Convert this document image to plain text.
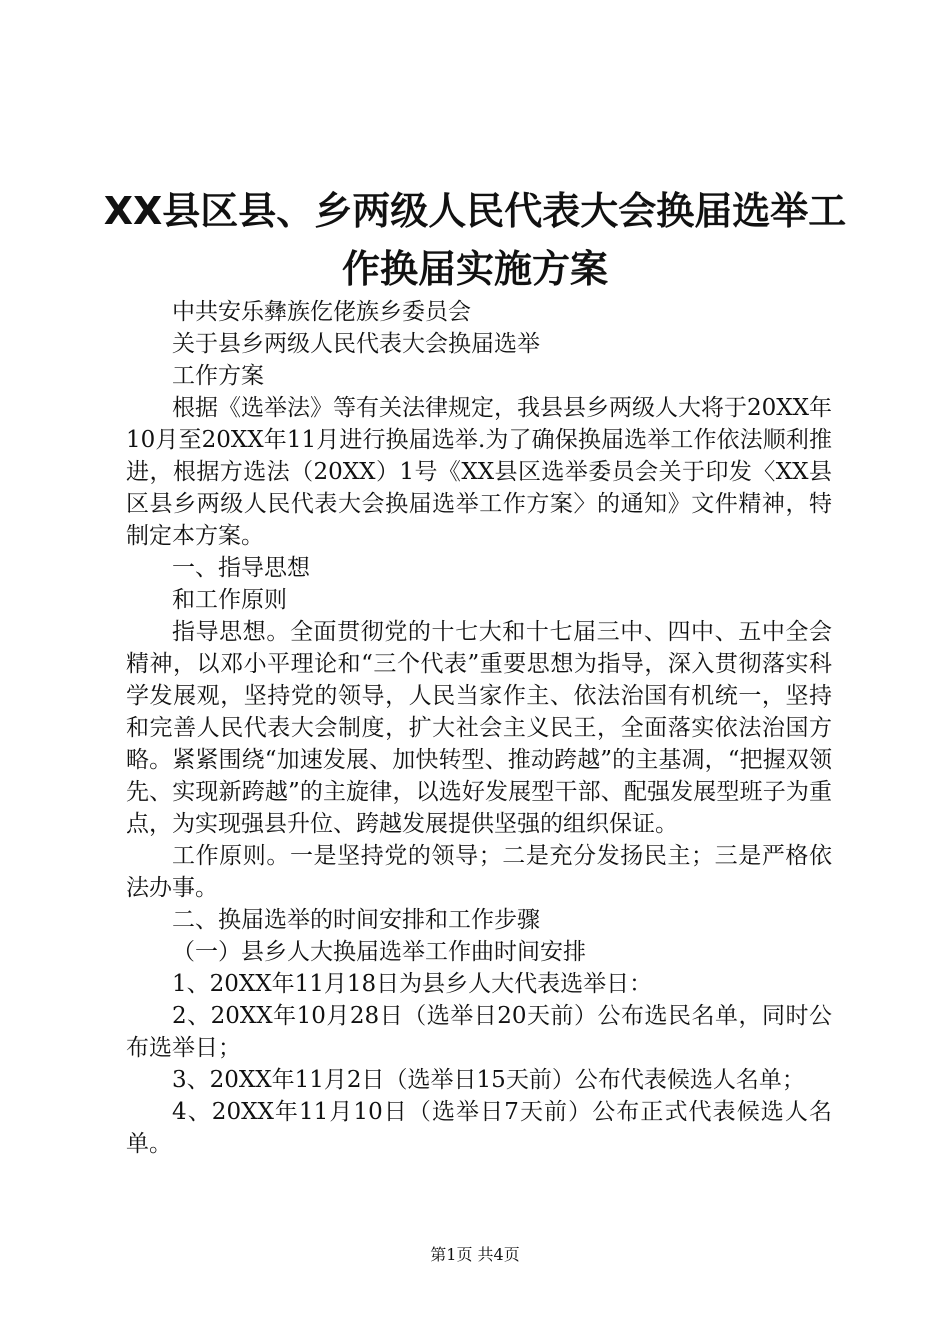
XX县区县、乡两级人民代表大会换届选举工
作换届实施方案

中共安乐彝族仡佬族乡委员会

关于县乡两级人民代表大会换届选举

工作方案

根据《选举法》等有关法律规定，我县县乡两级人大将于20XX年10月至20XX年11月进行换届选举.为了确保换届选举工作依法顺利推进，根据方选法（20XX）1号《XX县区选举委员会关于印发〈XX县区县乡两级人民代表大会换届选举工作方案〉的通知》文件精神，特制定本方案。

一、指导思想

和工作原则

指导思想。全面贯彻党的十七大和十七届三中、四中、五中全会精神，以邓小平理论和“三个代表”重要思想为指导，深入贯彻落实科学发展观，坚持党的领导，人民当家作主、依法治国有机统一，坚持和完善人民代表大会制度，扩大社会主义民王，全面落实依法治国方略。紧紧围绕“加速发展、加快转型、推动跨越”的主基凋，“把握双领先、实现新跨越”的主旋律，以选好发展型干部、配强发展型班子为重点，为实现强县升位、跨越发展提供坚强的组织保证。

工作原则。一是坚持党的领导；二是充分发扬民主；三是严格依法办事。

二、换届选举的时间安排和工作步骤

（一）县乡人大换届选举工作曲时间安排

1、20XX年11月18日为县乡人大代表选举日：

2、20XX年10月28日（选举日20天前）公布选民名单，同时公布选举日；

3、20XX年11月2日（选举日15天前）公布代表候选人名单；

4、20XX年11月10日（选举日7天前）公布正式代表候选人名单。

第1页 共4页
